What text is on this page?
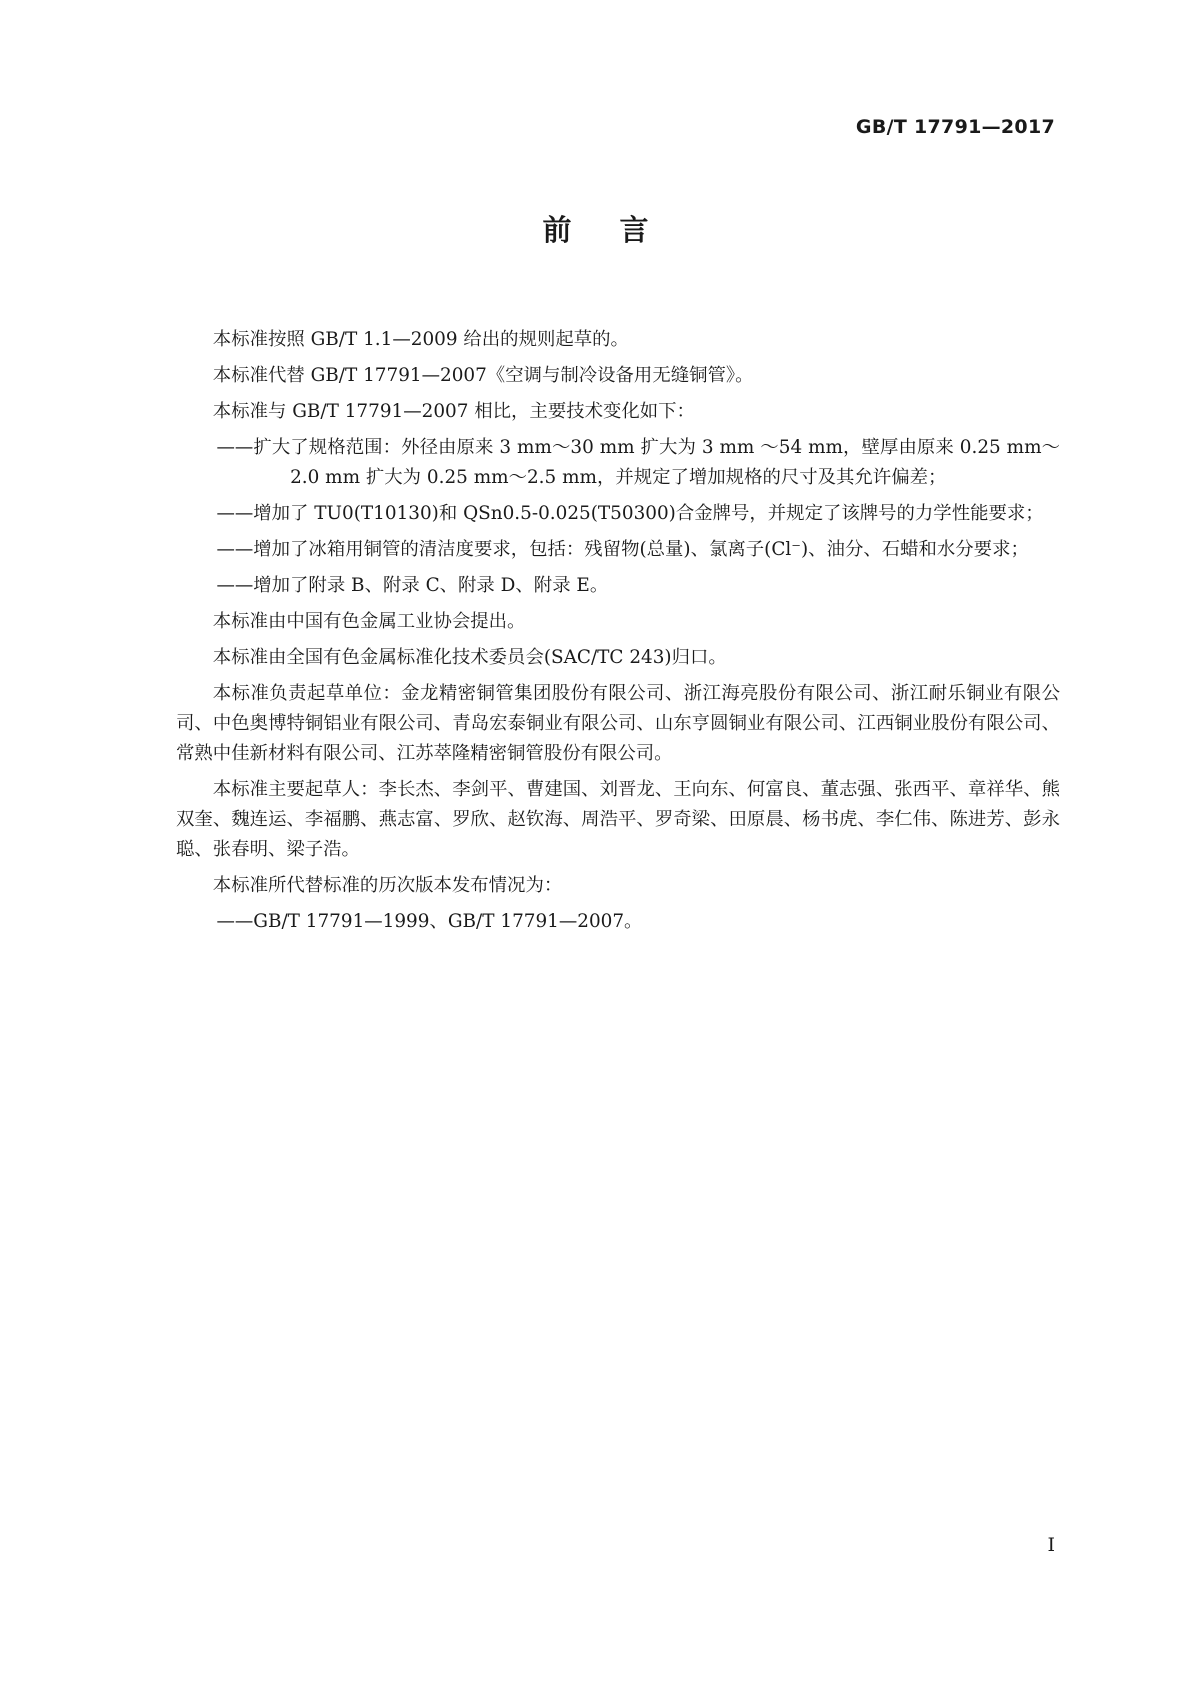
GB/T 17791—2017
前言

本标准按照 GB/T 1.1—2009 给出的规则起草的。

本标准代替 GB/T 17791—2007《空调与制冷设备用无缝铜管》。

本标准与 GB/T 17791—2007 相比，主要技术变化如下：

——扩大了规格范围：外径由原来 3 mm～30 mm 扩大为 3 mm ～54 mm，壁厚由原来 0.25 mm～2.0 mm 扩大为 0.25 mm～2.5 mm，并规定了增加规格的尺寸及其允许偏差；

——增加了 TU0(T10130)和 QSn0.5-0.025(T50300)合金牌号，并规定了该牌号的力学性能要求；

——增加了冰箱用铜管的清洁度要求，包括：残留物(总量)、氯离子(Cl⁻)、油分、石蜡和水分要求；

——增加了附录 B、附录 C、附录 D、附录 E。

本标准由中国有色金属工业协会提出。

本标准由全国有色金属标准化技术委员会(SAC/TC 243)归口。

本标准负责起草单位：金龙精密铜管集团股份有限公司、浙江海亮股份有限公司、浙江耐乐铜业有限公司、中色奥博特铜铝业有限公司、青岛宏泰铜业有限公司、山东亨圆铜业有限公司、江西铜业股份有限公司、常熟中佳新材料有限公司、江苏萃隆精密铜管股份有限公司。

本标准主要起草人：李长杰、李剑平、曹建国、刘晋龙、王向东、何富良、董志强、张西平、章祥华、熊双奎、魏连运、李福鹏、燕志富、罗欣、赵钦海、周浩平、罗奇梁、田原晨、杨书虎、李仁伟、陈进芳、彭永聪、张春明、梁子浩。

本标准所代替标准的历次版本发布情况为：

——GB/T 17791—1999、GB/T 17791—2007。

I
